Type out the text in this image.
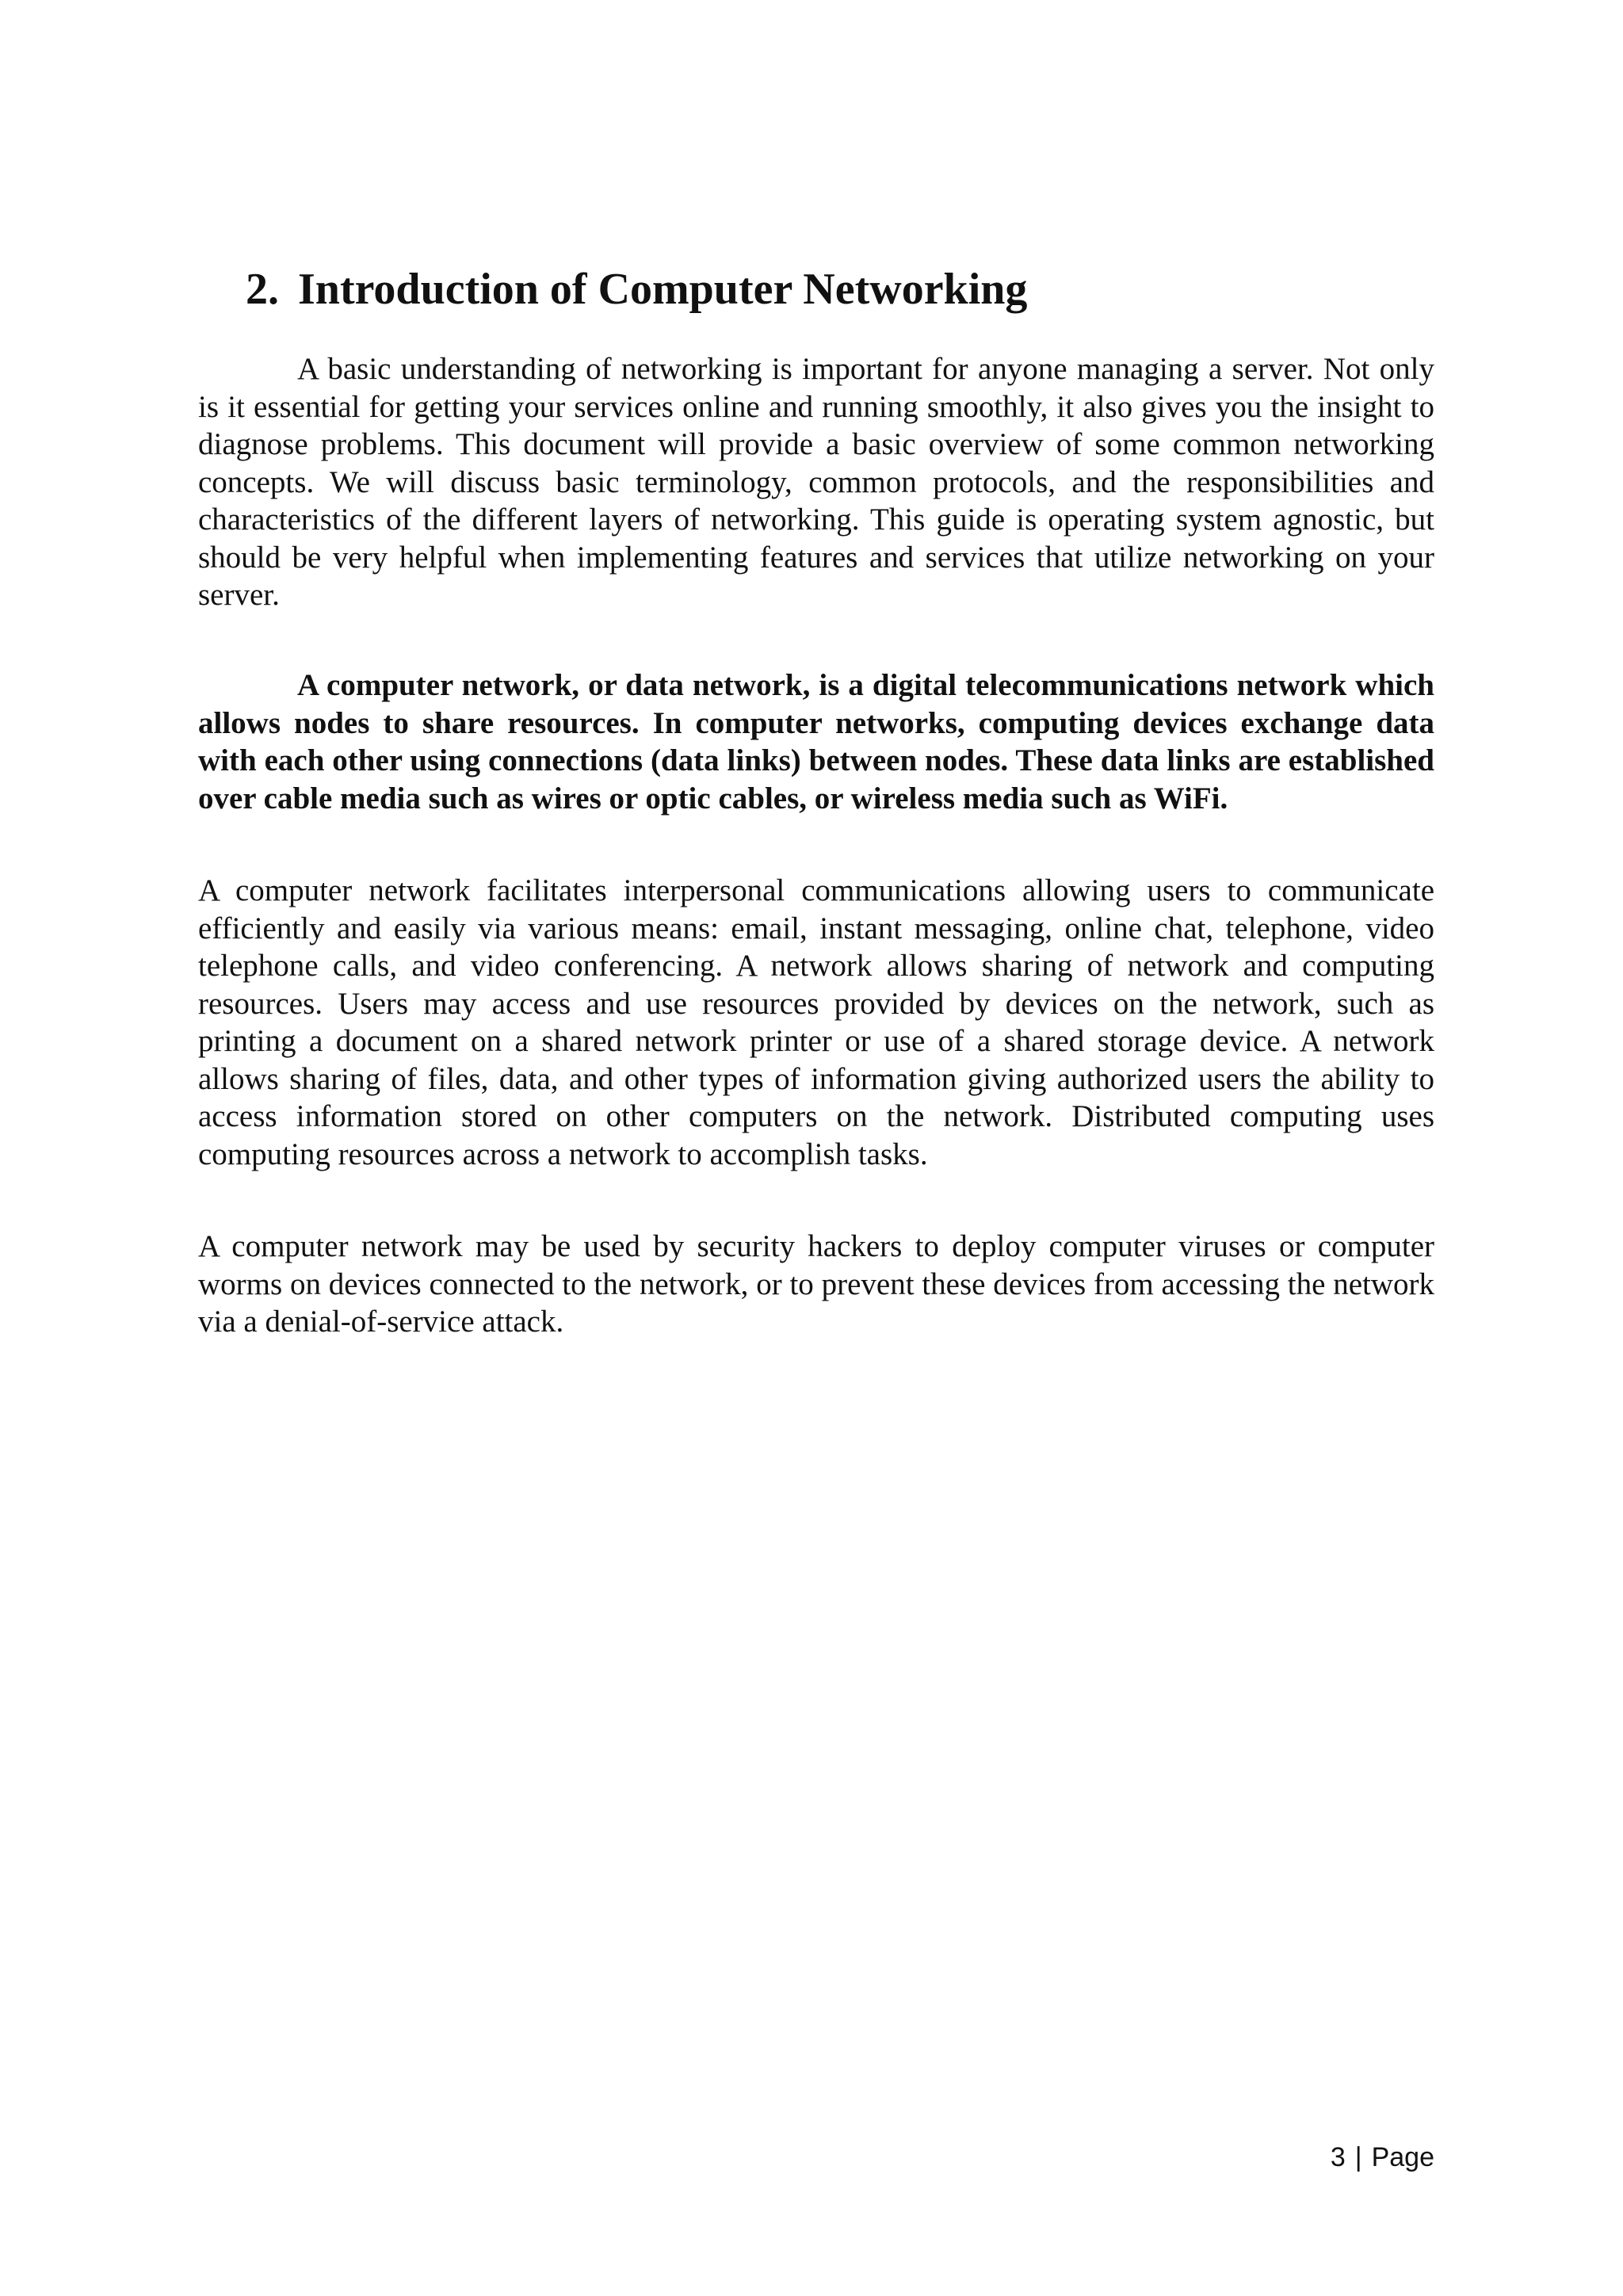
2. Introduction of Computer Networking

A basic understanding of networking is important for anyone managing a server. Not only is it essential for getting your services online and running smoothly, it also gives you the insight to diagnose problems. This document will provide a basic overview of some common networking concepts. We will discuss basic terminology, common protocols, and the responsibilities and characteristics of the different layers of networking. This guide is operating system agnostic, but should be very helpful when implementing features and services that utilize networking on your server.

A computer network, or data network, is a digital telecommunications network which allows nodes to share resources. In computer networks, computing devices exchange data with each other using connections (data links) between nodes. These data links are established over cable media such as wires or optic cables, or wireless media such as WiFi.

A computer network facilitates interpersonal communications allowing users to communicate efficiently and easily via various means: email, instant messaging, online chat, telephone, video telephone calls, and video conferencing. A network allows sharing of network and computing resources. Users may access and use resources provided by devices on the network, such as printing a document on a shared network printer or use of a shared storage device. A network allows sharing of files, data, and other types of information giving authorized users the ability to access information stored on other computers on the network. Distributed computing uses computing resources across a network to accomplish tasks.

A computer network may be used by security hackers to deploy computer viruses or computer worms on devices connected to the network, or to prevent these devices from accessing the network via a denial-of-service attack.

3 | Page
